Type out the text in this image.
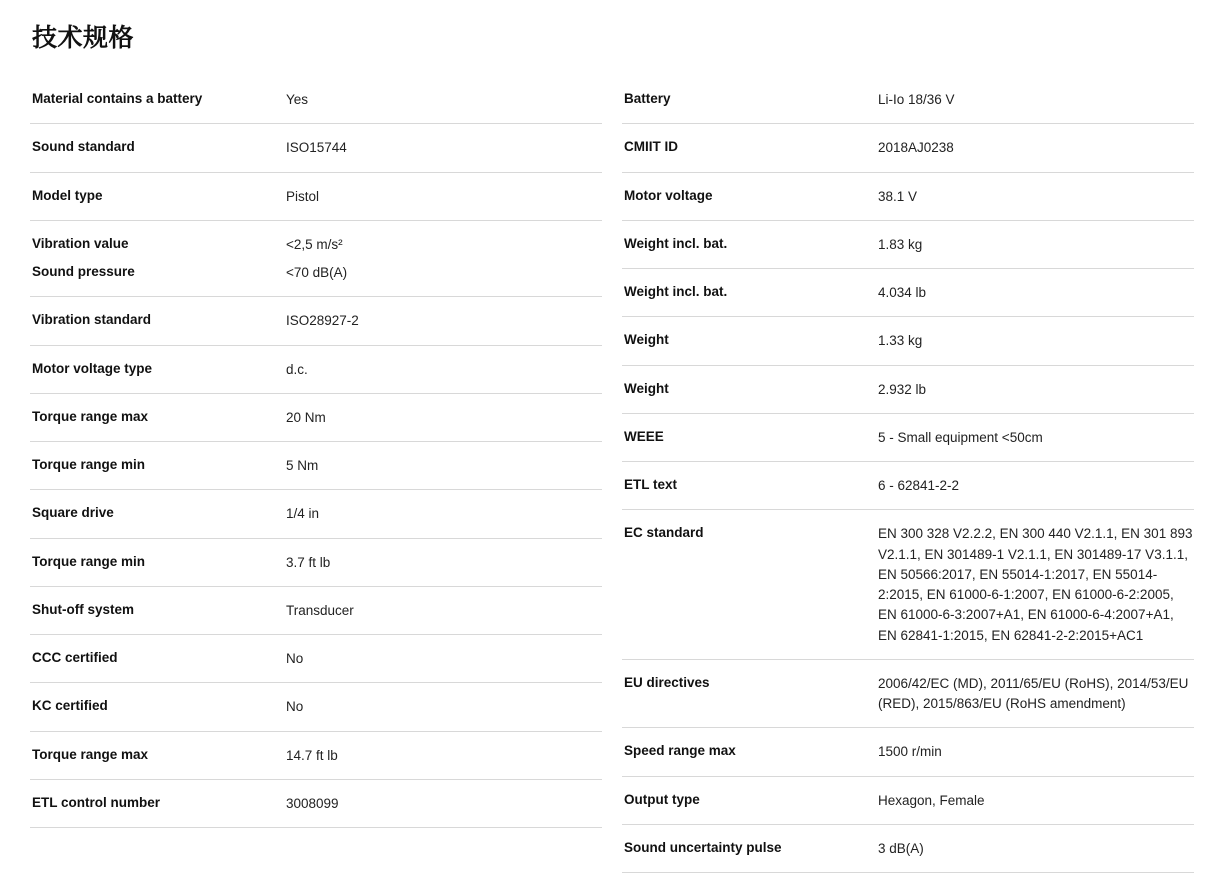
技术规格
Material contains a battery	Yes
Sound standard	ISO15744
Model type	Pistol
Vibration value	<2,5 m/s²
Sound pressure	<70 dB(A)
Vibration standard	ISO28927-2
Motor voltage type	d.c.
Torque range max	20 Nm
Torque range min	5 Nm
Square drive	1/4 in
Torque range min	3.7 ft lb
Shut-off system	Transducer
CCC certified	No
KC certified	No
Torque range max	14.7 ft lb
ETL control number	3008099
Battery	Li-Io 18/36 V
CMIIT ID	2018AJ0238
Motor voltage	38.1 V
Weight incl. bat.	1.83 kg
Weight incl. bat.	4.034 lb
Weight	1.33 kg
Weight	2.932 lb
WEEE	5 - Small equipment <50cm
ETL text	6 - 62841-2-2
EC standard	EN 300 328 V2.2.2, EN 300 440 V2.1.1, EN 301 893 V2.1.1, EN 301489-1 V2.1.1, EN 301489-17 V3.1.1, EN 50566:2017, EN 55014-1:2017, EN 55014-2:2015, EN 61000-6-1:2007, EN 61000-6-2:2005, EN 61000-6-3:2007+A1, EN 61000-6-4:2007+A1, EN 62841-1:2015, EN 62841-2-2:2015+AC1
EU directives	2006/42/EC (MD), 2011/65/EU (RoHS), 2014/53/EU (RED), 2015/863/EU (RoHS amendment)
Speed range max	1500 r/min
Output type	Hexagon, Female
Sound uncertainty pulse	3 dB(A)
